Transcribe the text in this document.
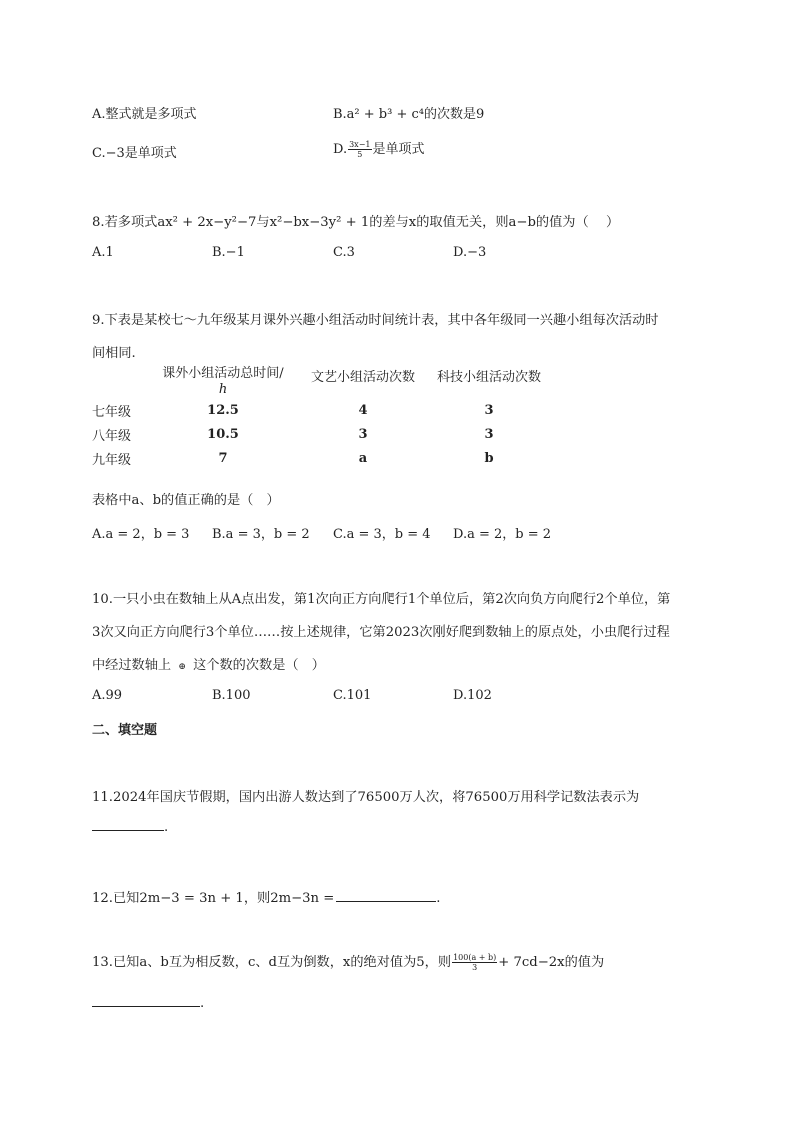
A.整式就是多项式	B.a² + b³ + c⁴的次数是9
C.−3是单项式	D. $\frac{3x-1}{5}$ 是单项式
8.若多项式ax² + 2x−y²−7与x²−bx−3y² + 1的差与x的取值无关，则a−b的值为（　 ）
A.1	B.−1	C.3	D.−3
9.下表是某校七～九年级某月课外兴趣小组活动时间统计表，其中各年级同一兴趣小组每次活动时
间相同.
	课外小组活动总时间/
h	文艺小组活动次数	科技小组活动次数
七年级	12.5	4	3
八年级	10.5	3	3
九年级	7	a	b
表格中a、b的值正确的是（　）
A.a = 2，b = 3 B.a = 3，b = 2 C.a = 3，b = 4 D.a = 2，b = 2
10.一只小虫在数轴上从A点出发，第1次向正方向爬行1个单位后，第2次向负方向爬行2个单位，第
3次又向正方向爬行3个单位……按上述规律，它第2023次刚好爬到数轴上的原点处，小虫爬行过程
中经过数轴上 ⊕ 这个数的次数是（　）
A.99	B.100	C.101	D.102
二、填空题
11.2024年国庆节假期，国内出游人数达到了76500万人次，将76500万用科学记数法表示为
.
12.已知2m−3 = 3n + 1，则2m−3n =	.
13.已知a、b互为相反数，c、d互为倒数，x的绝对值为5，则 $\frac{100(a + b)}{3} + 7cd-2x$的值为
.
